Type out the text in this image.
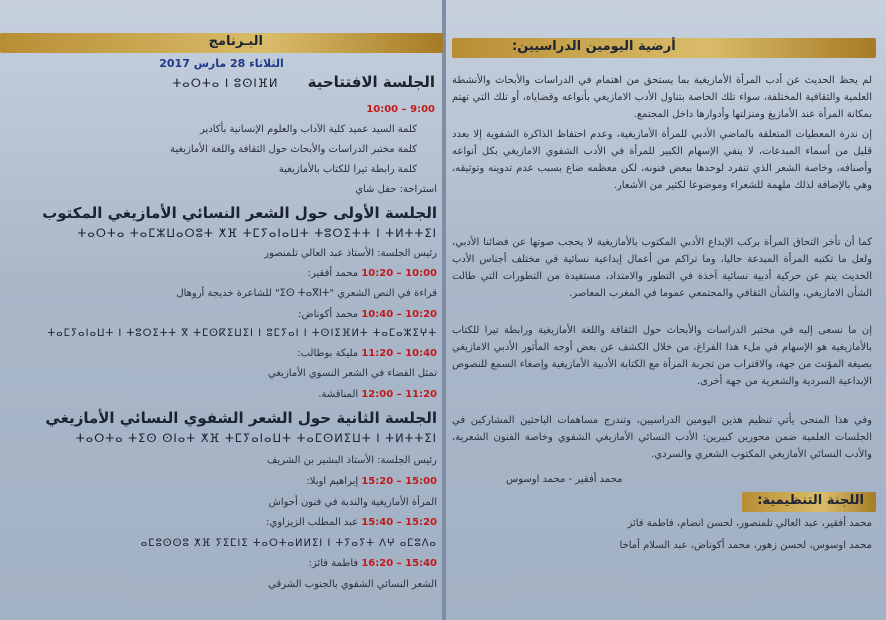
البـرنامج
الثلاثاء 28 مارس 2017
الجلسة الافتتاحية ⵜⴰⵔⵜⴰ ⵏ ⵓⵙⵏⴼⵍ
9:00 – 10:00
كلمة السيد عميد كلية الآداب والعلوم الإنسانية بأكادير
كلمة مختبر الدراسات والأبحاث حول الثقافة واللغة الأمازيغية
كلمة رابطة تيرا للكتاب بالأمازيغية
استراحة: حفل شاي
الجلسة الأولى حول الشعر النسائي الأمازيغي المكتوب
ⵜⴰⵔⵜⴰ ⵜⴰⵎⵣⵡⴰⵔⵓⵜ ⵅⴼ ⵜⵎⵢⴰⵏⴰⵡⵜ ⵜⵓⵔⵉⵜⵜ ⵏ ⵜⵍⵜⵜⵉⵏ
رئيس الجلسة: الأستاذ عبد العالي تلمنصور
10:00 – 10:20 محمد أفقير:
قراءة في النص الشعري "ⵉⵙ ⵜⴰⴳⵏⵜ" للشاعرة خديجة أروهال
10:20 – 10:40 محمد أكوناض:
ⵜⴰⵎⵢⴰⵏⴰⵡⵜ ⵏ ⵜⵓⵔⵉⵜⵜ ⴳ ⵜⵎⵙⴽⵉⵡⵉⵏ ⵏ ⵓⵎⵢⴰⵏ ⵏ ⵜⵙⵏⵉⴼⵍⵜ ⵜⴰⵎⴰⵣⵉⵖⵜ
10:40 – 11:20 مليكة بوطالب:
تمثل الفضاء في الشعر النسوي الأمازيغي
11:20 – 12:00 المناقشة.
الجلسة الثانية حول الشعر الشفوي النسائي الأمازيغي
ⵜⴰⵔⵜⴰ ⵜⵉⵙ ⵙⵏⴰⵜ ⵅⴼ ⵜⵎⵢⴰⵏⴰⵡⵜ ⵜⴰⵎⵙⵍⵉⵡⵜ ⵏ ⵜⵍⵜⵜⵉⵏ
رئيس الجلسة: الأستاذ البشير بن الشريف
15:00 – 15:20 إبراهيم اوبلا:
المرأة الأمازيغية والندبة في فنون أحواش
15:20 – 15:40 عبد المطلب الزيزاوي:
ⴰⵎⵓⵙⵙⵓ ⵅⴼ ⵢⵉⵎⵏⵉ ⵜⴰⵔⵜⴰⵍⵍⵉⵏ ⵏ ⵜⵢⴰⵢⵜ ⴷⵖ ⴰⵎⵓⴷⴰ
15:40 – 16:20 فاطمة فائز:
الشعر النسائي الشفوي بالجنوب الشرقي
أرضية اليومين الدراسيين:

لم يحظ الحديث عن أدب المرأة الأمازيغية بما يستحق من اهتمام في الدراسات والأبحاث والأنشطة العلمية والثقافية المختلفة، سواء تلك الخاصة بتناول الأدب الامازيغي بأنواعه وقضاياه، أو تلك التي تهتم بمكانة المرأة عند الأمازيغ ومنزلتها وأدوارها داخل المجتمع.

إن ندرة المعطيات المتعلقة بالماضي الأدبي للمرأة الأمازيغية، وعدم احتفاظ الذاكرة الشفوية إلا بعدد قليل من أسماء المبدعات، لا ينفي الإسهام الكبير للمرأة في الأدب الشفوي الامازيغي بكل أنواعه وأصنافه، وخاصة الشعر الذي تنفرد لوحدها ببعض فنونه، لكن معظمه ضاع بسبب عدم تدوينه وتوثيقه، وهي بالإضافة لذلك ملهمة للشعراء وموضوعا لكثير من الأشعار.

كما أن تأخر التحاق المرأة بركب الإبداع الأدبي المكتوب بالأمازيغية لا يحجب صوتها عن فضائنا الأدبي، ولعل ما تكتبه المرأة المبدعة حاليا، وما تراكم من أعمال إبداعية نسائية في مختلف أجناس الأدب الحديث ينم عن حركية أدبية نسائية آخذة في التطور والامتداد، مستفيدة من التطورات التي طالت الشأن الامازيغي، والشأن الثقافي والمجتمعي عموما في المغرب المعاصر.

إن ما نسعى إليه في مختبر الدراسات والأبحاث حول الثقافة واللغة الأمازيغية ورابطة تيرا للكتاب بالأمازيغية هو الإسهام في ملء هذا الفراغ، من خلال الكشف عن بعض أوجه المأثور الأدبي الامازيغي بصيغة المؤنث من جهة، والاقتراب من تجربة المرأة مع الكتابة الأدبية الأمازيغية وإصغاء السمع للنصوص الإبداعية السردية والشعرية من جهة أخرى.

وفي هذا المنحى يأتي تنظيم هذين اليومين الدراسيين، وتندرج مساهمات الباحثين المشاركين في الجلسات العلمية ضمن محورين كبيرين: الأدب النسائي الأمازيغي الشفوي وخاصة الفنون الشعرية، والأدب النسائي الأمازيغي المكتوب الشعري والسردي.

محمد أفقير - محمد اوسوس
اللجنة التنظيمية:
محمد أفقير، عبد العالي تلمنصور، لحسن انضام، فاطمة فائز
محمد اوسوس، لحسن زهور، محمد أكوناض، عبد السلام أماخا
